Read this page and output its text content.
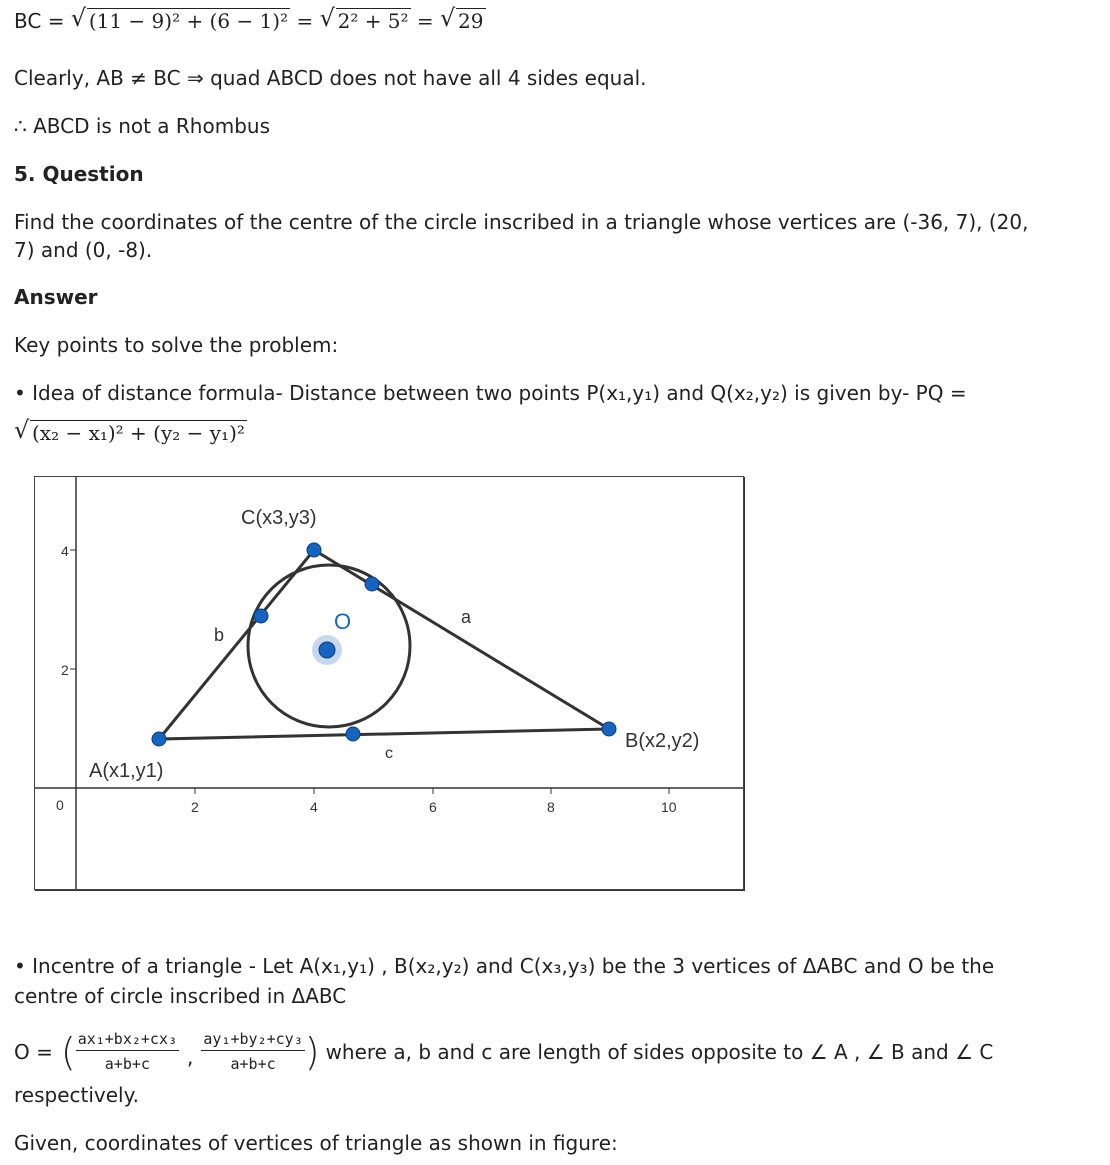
BC = √ (11 − 9)² + (6 − 1)² = √ 2² + 5² = √ 29
Clearly, AB ≠ BC ⇒ quad ABCD does not have all 4 sides equal.
∴ ABCD is not a Rhombus
5. Question
Find the coordinates of the centre of the circle inscribed in a triangle whose vertices are (-36, 7), (20,
7) and (0, -8).
Answer
Key points to solve the problem:
• Idea of distance formula- Distance between two points P(x₁,y₁) and Q(x₂,y₂) is given by- PQ =
√ (x₂ − x₁)² + (y₂ − y₁)²
4
2
0	2	4	6	8	10
C(x3,y3)
B(x2,y2)
A(x1,y1)
a
b
c
O
• Incentre of a triangle - Let A(x₁,y₁) , B(x₂,y₂) and C(x₃,y₃) be the 3 vertices of ΔABC and O be the
centre of circle inscribed in ΔABC
O = ( $\frac{\text{ax₁+bx₂+cx₃}}{a+b+c}$ , $\frac{\text{ay₁+by₂+cy₃}}{a+b+c}$ ) where a, b and c are length of sides opposite to ∠ A , ∠ B and ∠ C
respectively.
Given, coordinates of vertices of triangle as shown in figure:
